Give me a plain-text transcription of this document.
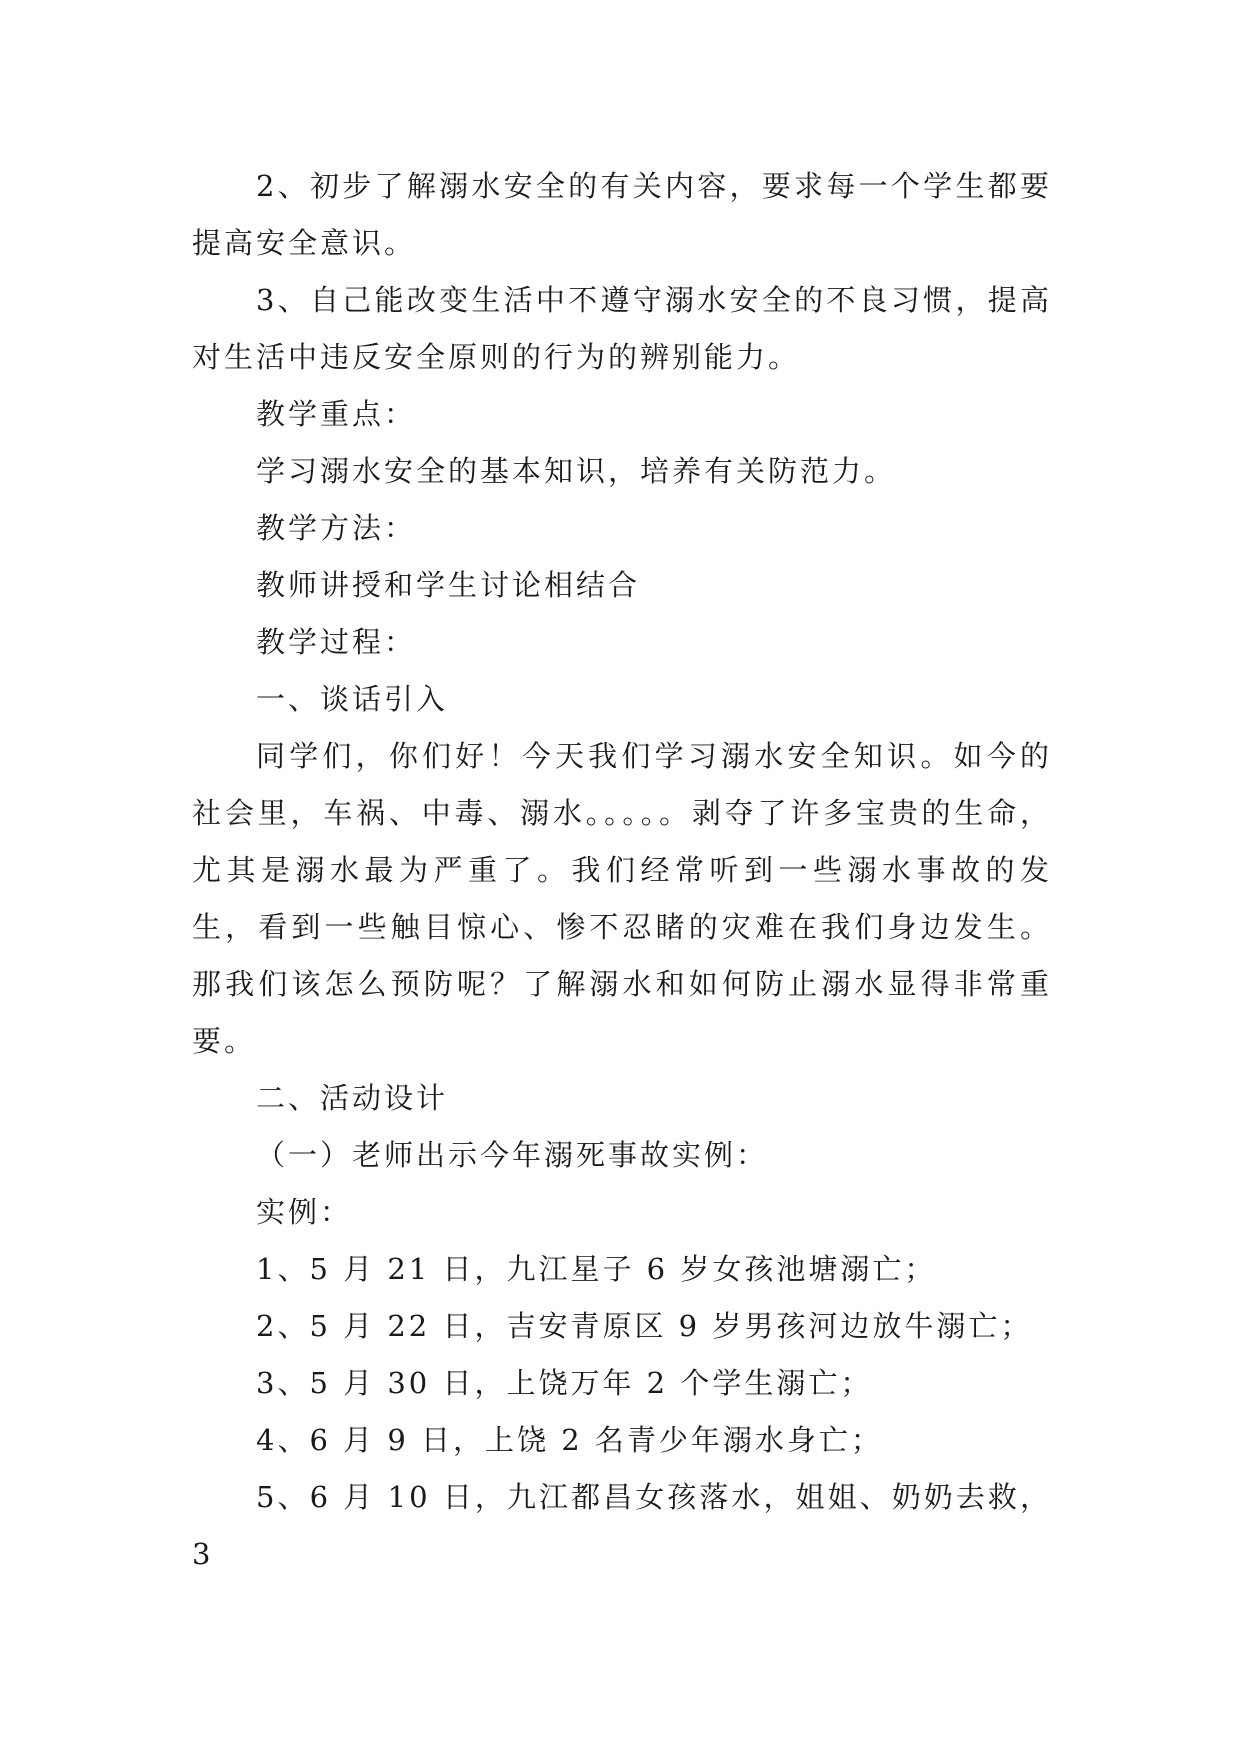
2、初步了解溺水安全的有关内容，要求每一个学生都要提高安全意识。

3、自己能改变生活中不遵守溺水安全的不良习惯，提高对生活中违反安全原则的行为的辨别能力。

教学重点：

学习溺水安全的基本知识，培养有关防范力。

教学方法：

教师讲授和学生讨论相结合

教学过程：

一、谈话引入

同学们，你们好！今天我们学习溺水安全知识。如今的社会里，车祸、中毒、溺水。。。。。剥夺了许多宝贵的生命，尤其是溺水最为严重了。我们经常听到一些溺水事故的发生，看到一些触目惊心、惨不忍睹的灾难在我们身边发生。那我们该怎么预防呢？了解溺水和如何防止溺水显得非常重要。

二、活动设计

（一）老师出示今年溺死事故实例：

实例：

1、5 月 21 日，九江星子 6 岁女孩池塘溺亡；

2、5 月 22 日，吉安青原区 9 岁男孩河边放牛溺亡；

3、5 月 30 日，上饶万年 2 个学生溺亡；

4、6 月 9 日，上饶 2 名青少年溺水身亡；

5、6 月 10 日，九江都昌女孩落水，姐姐、奶奶去救，3
